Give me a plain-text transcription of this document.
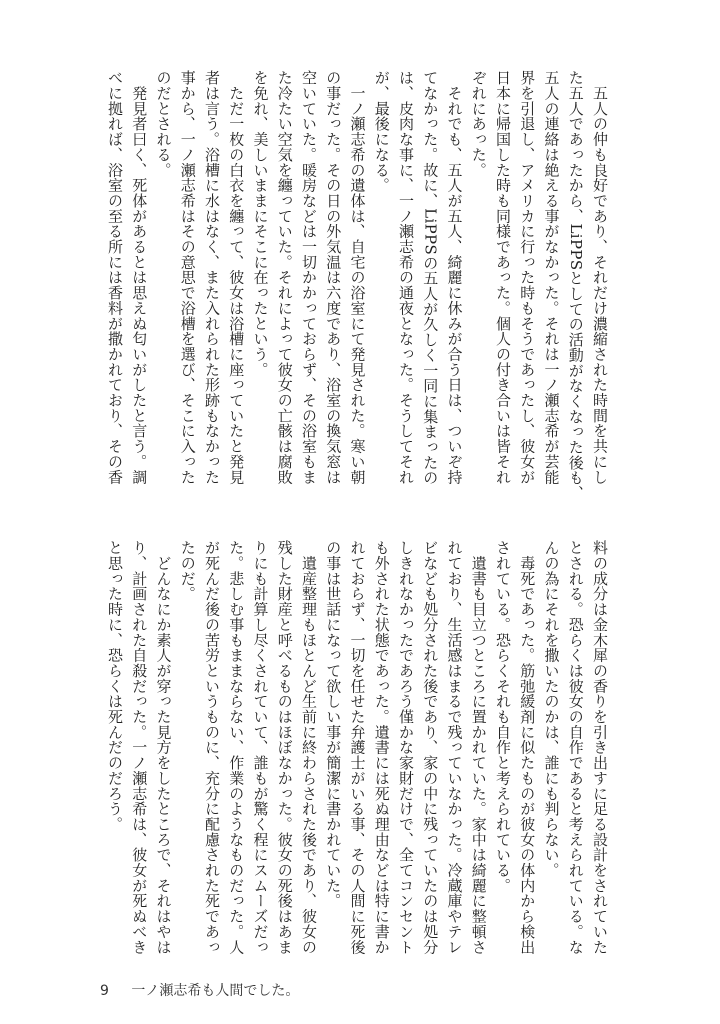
　五人の仲も良好であり、それだけ濃縮された時間を共にし
た五人であったから、LiPPSとしての活動がなくなった後も、
五人の連絡は絶える事がなかった。それは一ノ瀬志希が芸能
界を引退し、アメリカに行った時もそうであったし、彼女が
日本に帰国した時も同様であった。個人の付き合いは皆それ
ぞれにあった。
　それでも、五人が五人、綺麗に休みが合う日は、ついぞ持
てなかった。故に、LiPPSの五人が久しく一同に集まったの
は、皮肉な事に、一ノ瀬志希の通夜となった。そうしてそれ
が、最後になる。
　一ノ瀬志希の遺体は、自宅の浴室にて発見された。寒い朝
の事だった。その日の外気温は六度であり、浴室の換気窓は
空いていた。暖房などは一切かかっておらず、その浴室もま
た冷たい空気を纏っていた。それによって彼女の亡骸は腐敗
を免れ、美しいままにそこに在ったという。
　ただ一枚の白衣を纏って、彼女は浴槽に座っていたと発見
者は言う。浴槽に水はなく、また入れられた形跡もなかった
事から、一ノ瀬志希はその意思で浴槽を選び、そこに入った
のだとされる。
　発見者曰く、死体があるとは思えぬ匂いがしたと言う。調
べに拠れば、浴室の至る所には香料が撒かれており、その香
料の成分は金木犀の香りを引き出すに足る設計をされていた
とされる。恐らくは彼女の自作であると考えられている。な
んの為にそれを撒いたのかは、誰にも判らない。
　毒死であった。筋弛緩剤に似たものが彼女の体内から検出
されている。恐らくそれも自作と考えられている。
　遺書も目立つところに置かれていた。家中は綺麗に整頓さ
れており、生活感はまるで残っていなかった。冷蔵庫やテレ
ビなども処分された後であり、家の中に残っていたのは処分
しきれなかったであろう僅かな家財だけで、全てコンセント
も外された状態であった。遺書には死ぬ理由などは特に書か
れておらず、一切を任せた弁護士がいる事、その人間に死後
の事は世話になって欲しい事が簡潔に書かれていた。
　遺産整理もほとんど生前に終わらされた後であり、彼女の
残した財産と呼べるものはほぼなかった。彼女の死後はあま
りにも計算し尽くされていて、誰もが驚く程にスムーズだっ
た。悲しむ事もままならない、作業のようなものだった。人
が死んだ後の苦労というものに、充分に配慮された死であっ
たのだ。
　どんなにか素人が穿った見方をしたところで、それはやは
り、計画された自殺だった。一ノ瀬志希は、彼女が死ぬべき
と思った時に、恐らくは死んだのだろう。
9 一ノ瀬志希も人間でした。
